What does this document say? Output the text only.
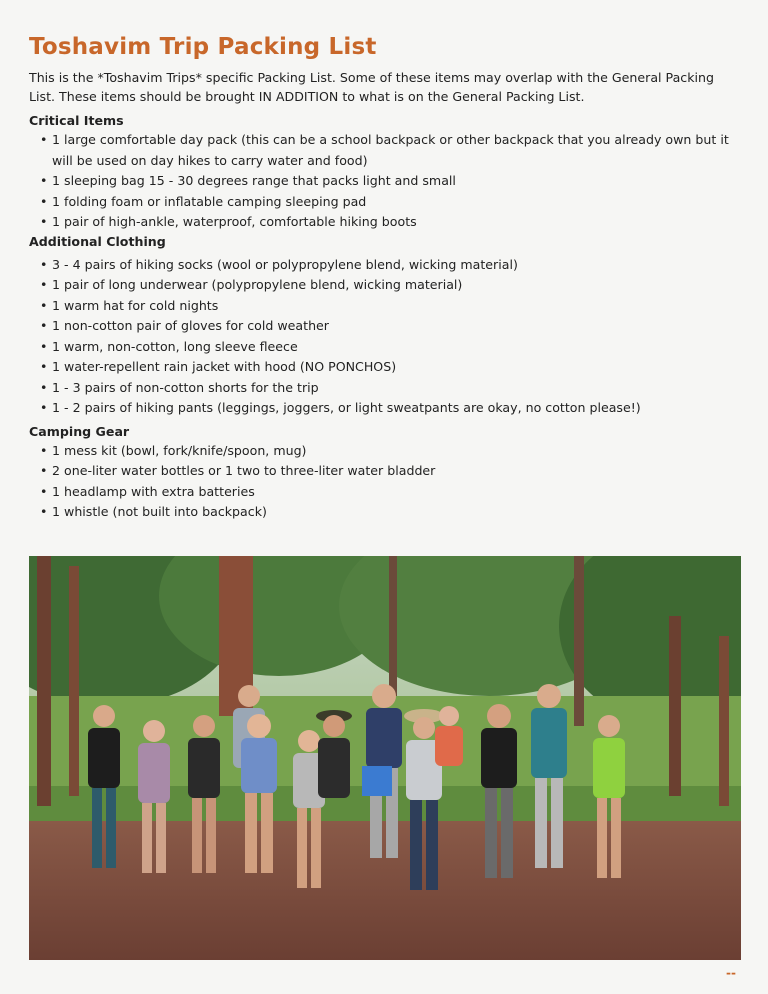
Toshavim Trip Packing List

This is the *Toshavim Trips* specific Packing List. Some of these items may overlap with the General Packing List. These items should be brought IN ADDITION to what is on the General Packing List.

Critical Items

• 1 large comfortable day pack (this can be a school backpack or other backpack that you already own but it will be used on day hikes to carry water and food)
• 1 sleeping bag 15 - 30 degrees range that packs light and small
• 1 folding foam or inflatable camping sleeping pad
• 1 pair of high-ankle, waterproof, comfortable hiking boots

Additional Clothing

• 3 - 4 pairs of hiking socks (wool or polypropylene blend, wicking material)
• 1 pair of long underwear (polypropylene blend, wicking material)
• 1 warm hat for cold nights
• 1 non-cotton pair of gloves for cold weather
• 1 warm, non-cotton, long sleeve fleece
• 1 water-repellent rain jacket with hood (NO PONCHOS)
• 1 - 3 pairs of non-cotton shorts for the trip
• 1 - 2 pairs of hiking pants (leggings, joggers, or light sweatpants are okay, no cotton please!)

Camping Gear

• 1 mess kit (bowl, fork/knife/spoon, mug)
• 2 one-liter water bottles or 1 two to three-liter water bladder
• 1 headlamp with extra batteries
• 1 whistle (not built into backpack)
--
